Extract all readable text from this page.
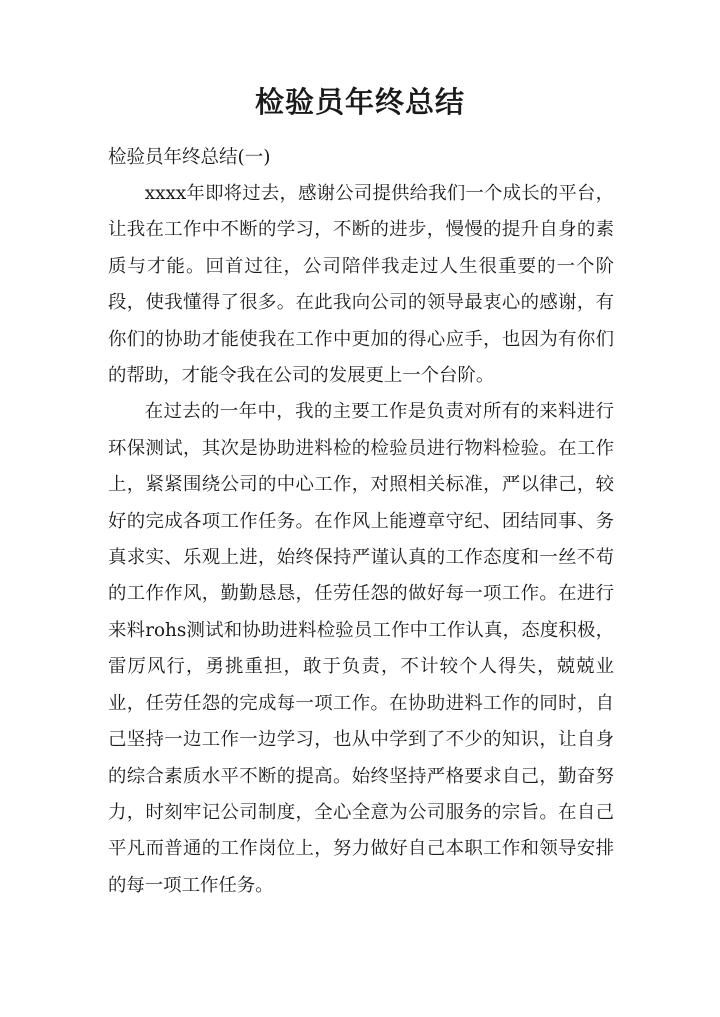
检验员年终总结
检验员年终总结(一)

xxxx年即将过去，感谢公司提供给我们一个成长的平台，让我在工作中不断的学习，不断的进步，慢慢的提升自身的素质与才能。回首过往，公司陪伴我走过人生很重要的一个阶段，使我懂得了很多。在此我向公司的领导最衷心的感谢，有你们的协助才能使我在工作中更加的得心应手，也因为有你们的帮助，才能令我在公司的发展更上一个台阶。

在过去的一年中，我的主要工作是负责对所有的来料进行环保测试，其次是协助进料检的检验员进行物料检验。在工作上，紧紧围绕公司的中心工作，对照相关标准，严以律己，较好的完成各项工作任务。在作风上能遵章守纪、团结同事、务真求实、乐观上进，始终保持严谨认真的工作态度和一丝不苟的工作作风，勤勤恳恳，任劳任怨的做好每一项工作。在进行来料rohs测试和协助进料检验员工作中工作认真，态度积极，雷厉风行，勇挑重担，敢于负责，不计较个人得失，兢兢业业，任劳任怨的完成每一项工作。在协助进料工作的同时，自己坚持一边工作一边学习，也从中学到了不少的知识，让自身的综合素质水平不断的提高。始终坚持严格要求自己，勤奋努力，时刻牢记公司制度，全心全意为公司服务的宗旨。在自己平凡而普通的工作岗位上，努力做好自己本职工作和领导安排的每一项工作任务。
